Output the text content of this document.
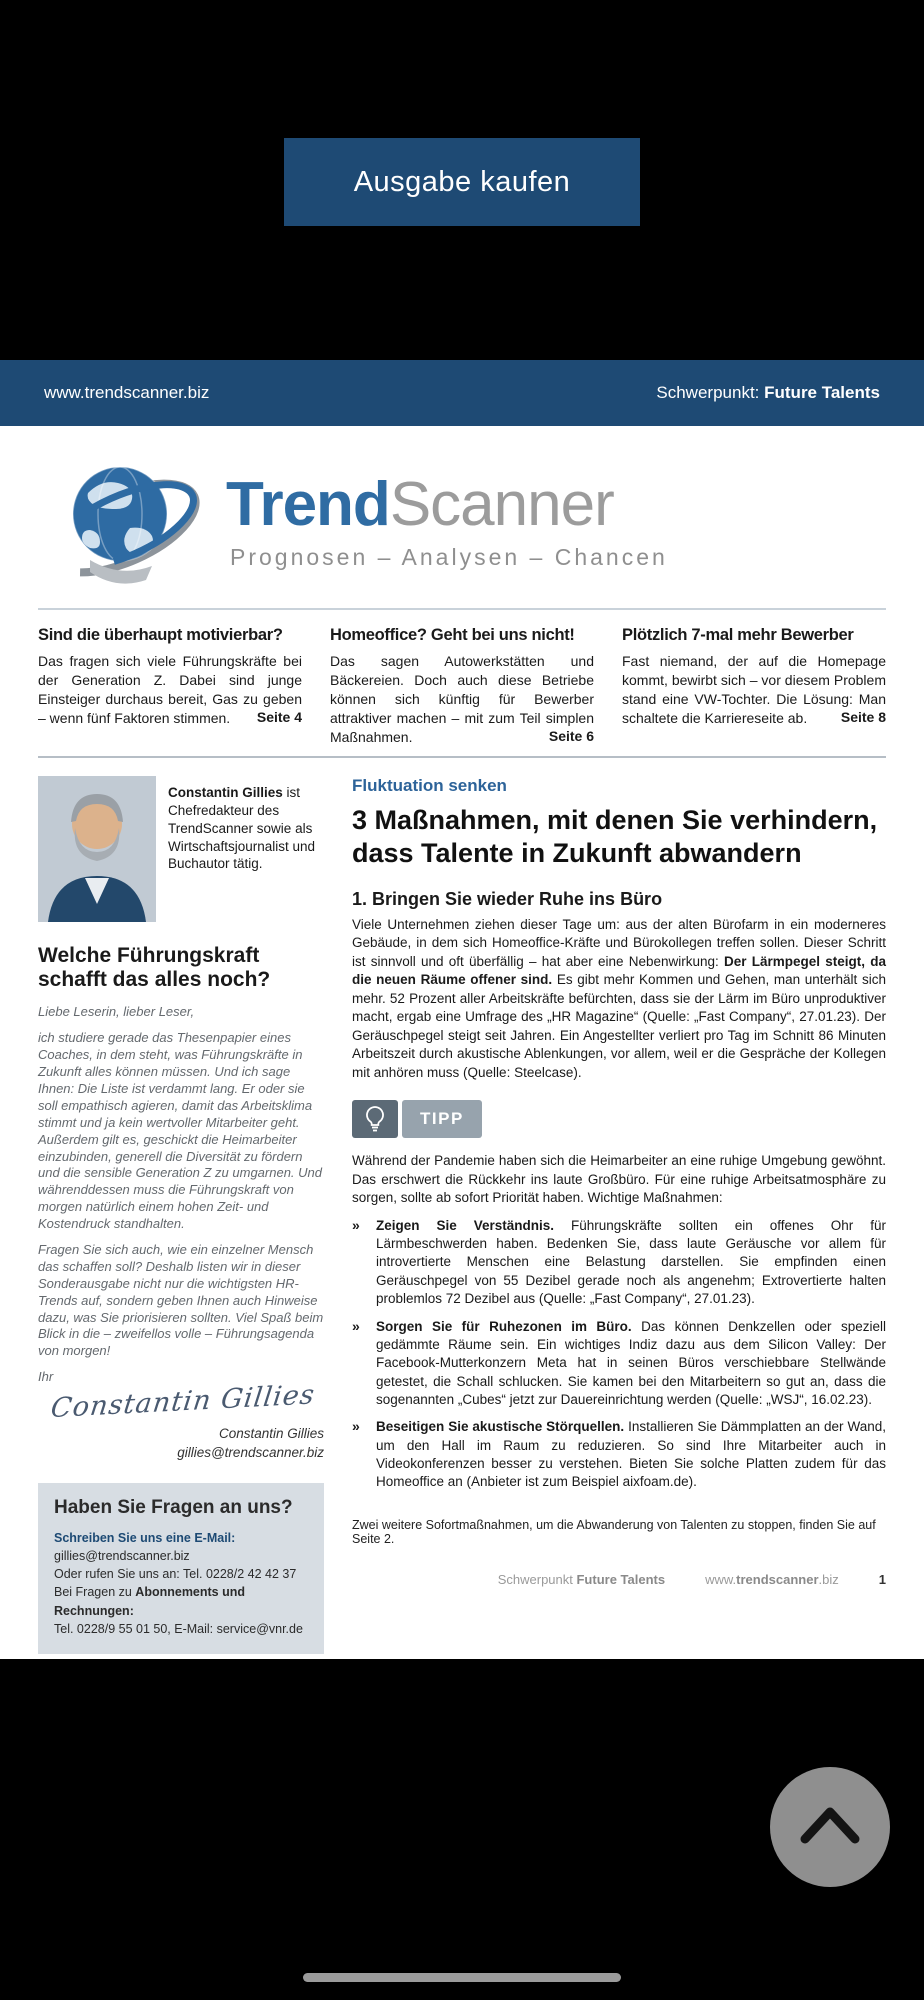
Ausgabe kaufen
www.trendscanner.biz	Schwerpunkt: Future Talents
TrendScanner
Prognosen – Analysen – Chancen
Sind die überhaupt motivierbar?
Das fragen sich viele Führungskräfte bei der Generation Z. Dabei sind junge Einsteiger durchaus bereit, Gas zu geben – wenn fünf Faktoren stimmen.	Seite 4
Homeoffice? Geht bei uns nicht!
Das sagen Autowerkstätten und Bäckereien. Doch auch diese Betriebe können sich künftig für Bewerber attraktiver machen – mit zum Teil simplen Maßnahmen.	Seite 6
Plötzlich 7-mal mehr Bewerber
Fast niemand, der auf die Homepage kommt, bewirbt sich – vor diesem Problem stand eine VW-Tochter. Die Lösung: Man schaltete die Karriereseite ab.	Seite 8
Constantin Gillies ist Chefredakteur des TrendScanner sowie als Wirtschaftsjournalist und Buchautor tätig.
Welche Führungskraft schafft das alles noch?

Liebe Leserin, lieber Leser,

ich studiere gerade das Thesenpapier eines Coaches, in dem steht, was Führungskräfte in Zukunft alles können müssen. Und ich sage Ihnen: Die Liste ist verdammt lang. Er oder sie soll empathisch agieren, damit das Arbeitsklima stimmt und ja kein wertvoller Mitarbeiter geht. Außerdem gilt es, geschickt die Heimarbeiter einzubinden, generell die Diversität zu fördern und die sensible Generation Z zu umgarnen. Und währenddessen muss die Führungskraft von morgen natürlich einem hohen Zeit- und Kostendruck standhalten.

Fragen Sie sich auch, wie ein einzelner Mensch das schaffen soll? Deshalb listen wir in dieser Sonderausgabe nicht nur die wichtigsten HR-Trends auf, sondern geben Ihnen auch Hinweise dazu, was Sie priorisieren sollten. Viel Spaß beim Blick in die – zweifellos volle – Führungsagenda von morgen!

Ihr
Constantin Gillies
Constantin Gillies
gillies@trendscanner.biz
Haben Sie Fragen an uns?
Schreiben Sie uns eine E-Mail:
gillies@trendscanner.biz
Oder rufen Sie uns an: Tel. 0228/2 42 42 37
Bei Fragen zu Abonnements und Rechnungen:
Tel. 0228/9 55 01 50, E-Mail: service@vnr.de
Fluktuation senken
3 Maßnahmen, mit denen Sie verhindern, dass Talente in Zukunft abwandern
1. Bringen Sie wieder Ruhe ins Büro

Viele Unternehmen ziehen dieser Tage um: aus der alten Bürofarm in ein moderneres Gebäude, in dem sich Homeoffice-Kräfte und Bürokollegen treffen sollen. Dieser Schritt ist sinnvoll und oft überfällig – hat aber eine Nebenwirkung: Der Lärmpegel steigt, da die neuen Räume offener sind. Es gibt mehr Kommen und Gehen, man unterhält sich mehr. 52 Prozent aller Arbeitskräfte befürchten, dass sie der Lärm im Büro unproduktiver macht, ergab eine Umfrage des „HR Magazine“ (Quelle: „Fast Company“, 27.01.23). Der Geräuschpegel steigt seit Jahren. Ein Angestellter verliert pro Tag im Schnitt 86 Minuten Arbeitszeit durch akustische Ablenkungen, vor allem, weil er die Gespräche der Kollegen mit anhören muss (Quelle: Steelcase).

TIPP

Während der Pandemie haben sich die Heimarbeiter an eine ruhige Umgebung gewöhnt. Das erschwert die Rückkehr ins laute Großbüro. Für eine ruhige Arbeitsatmosphäre zu sorgen, sollte ab sofort Priorität haben. Wichtige Maßnahmen:

»	Zeigen Sie Verständnis. Führungskräfte sollten ein offenes Ohr für Lärmbeschwerden haben. Bedenken Sie, dass laute Geräusche vor allem für introvertierte Menschen eine Belastung darstellen. Sie empfinden einen Geräuschpegel von 55 Dezibel gerade noch als angenehm; Extrovertierte halten problemlos 72 Dezibel aus (Quelle: „Fast Company“, 27.01.23).
»	Sorgen Sie für Ruhezonen im Büro. Das können Denkzellen oder speziell gedämmte Räume sein. Ein wichtiges Indiz dazu aus dem Silicon Valley: Der Facebook-Mutterkonzern Meta hat in seinen Büros verschiebbare Stellwände getestet, die Schall schlucken. Sie kamen bei den Mitarbeitern so gut an, dass die sogenannten „Cubes“ jetzt zur Dauereinrichtung werden (Quelle: „WSJ“, 16.02.23).
»	Beseitigen Sie akustische Störquellen. Installieren Sie Dämmplatten an der Wand, um den Hall im Raum zu reduzieren. So sind Ihre Mitarbeiter auch in Videokonferenzen besser zu verstehen. Bieten Sie solche Platten zudem für das Homeoffice an (Anbieter ist zum Beispiel aixfoam.de).
Zwei weitere Sofortmaßnahmen, um die Abwanderung von Talenten zu stoppen, finden Sie auf Seite 2.
Schwerpunkt Future Talents	www.trendscanner.biz	1
